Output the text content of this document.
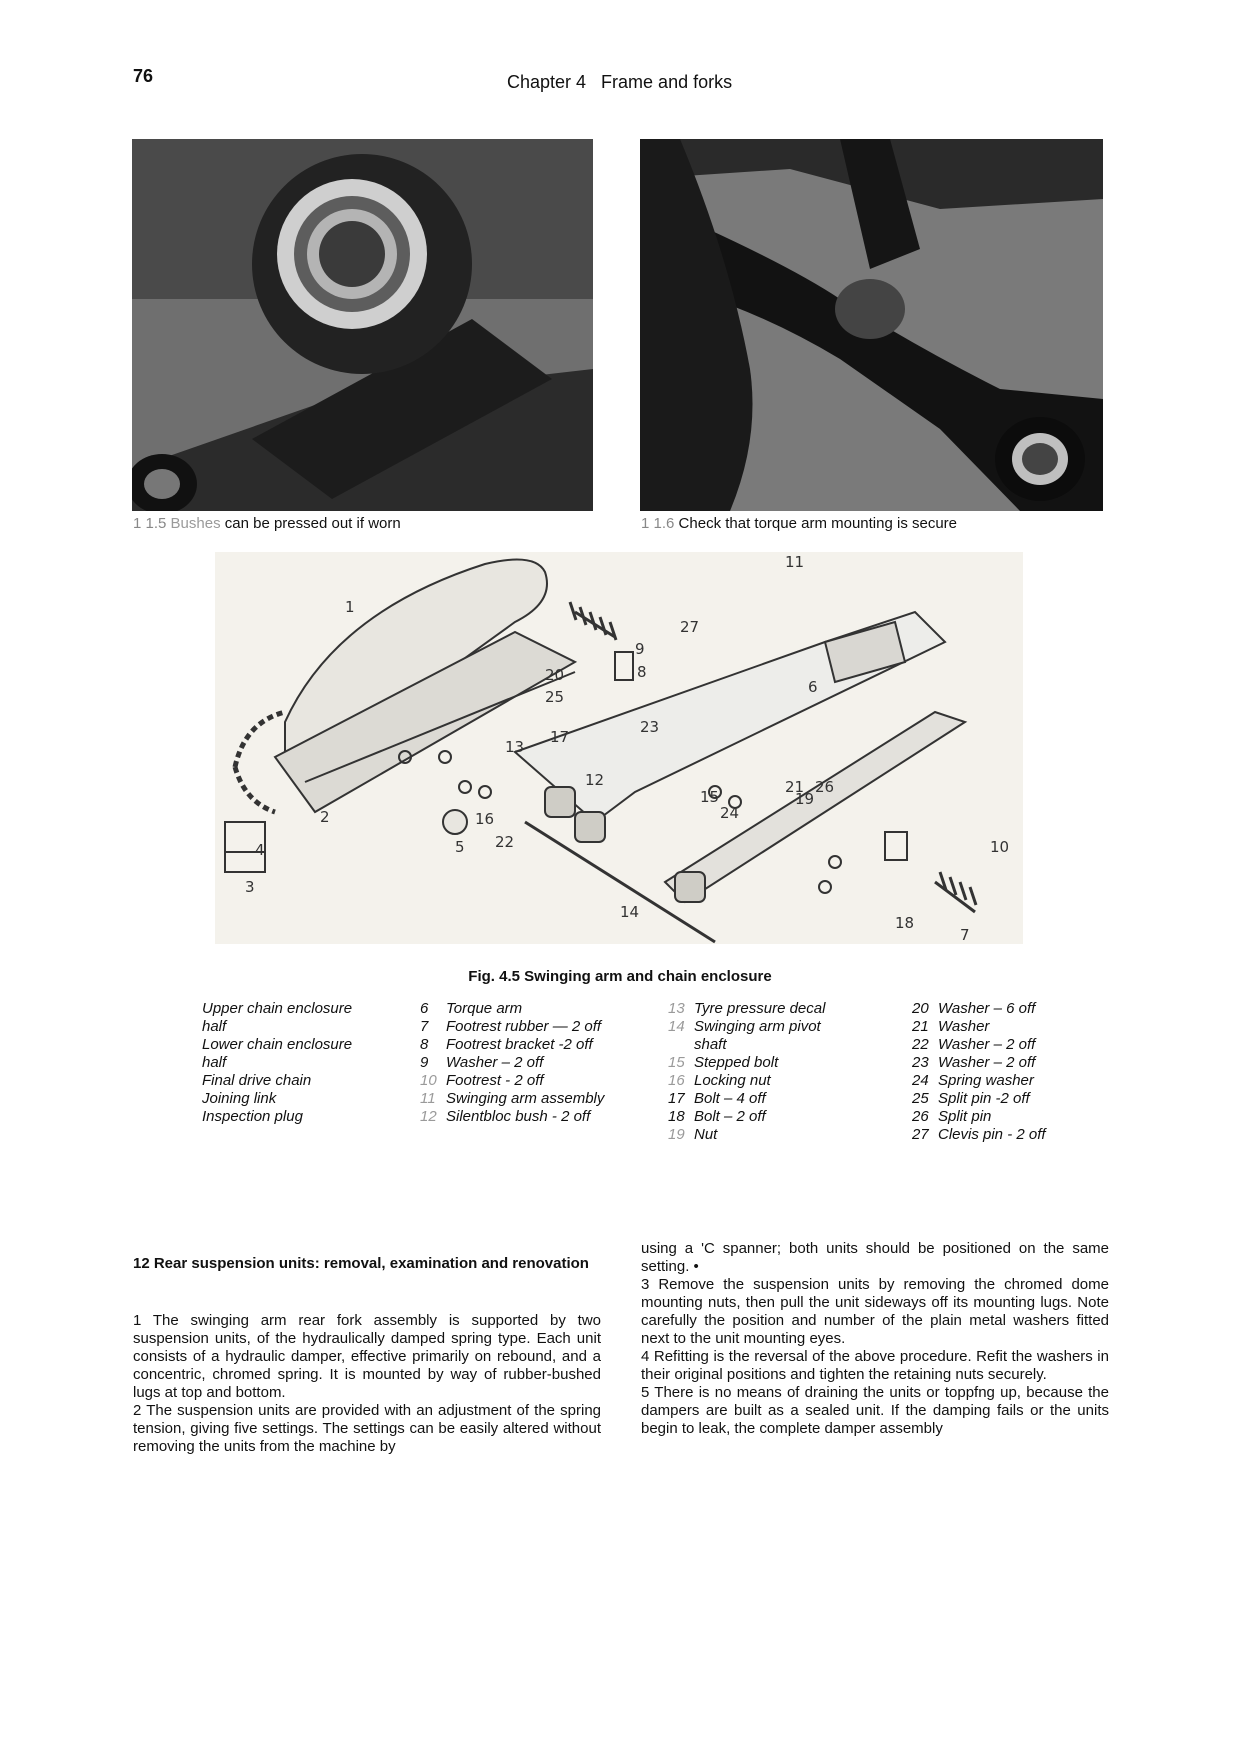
76	Chapter 4   Frame and forks
1 1.5 Bushes can be pressed out if worn	1 1.6 Check that torque arm mounting is secure
1
2
3
4	5
6
7
8
9
10
11
12
13
14
15
16
17
18
19
20
21
22
23
24
25
26
27
Fig. 4.5 Swinging arm and chain enclosure
Upper chain enclosure
half
Lower chain enclosure
half
Final drive chain
Joining link
Inspection plug
6 Torque arm
7 Footrest rubber — 2 off
8 Footrest bracket -2 off
9 Washer – 2 off
10 Footrest - 2 off
11 Swinging arm assembly
12 Silentbloc bush - 2 off
13 Tyre pressure decal
14 Swinging arm pivot
shaft
15 Stepped bolt
16 Locking nut
17 Bolt – 4 off
18 Bolt – 2 off
19 Nut
20 Washer – 6 off
21 Washer
22 Washer – 2 off
23 Washer – 2 off
24 Spring washer
25 Split pin -2 off
26 Split pin
27 Clevis pin - 2 off
12 Rear suspension units: removal, examination and renovation

1 The swinging arm rear fork assembly is supported by two suspension units, of the hydraulically damped spring type. Each unit consists of a hydraulic damper, effective primarily on rebound, and a concentric, chromed spring. It is mounted by way of rubber-bushed lugs at top and bottom.

2 The suspension units are provided with an adjustment of the spring tension, giving five settings. The settings can be easily altered without removing the units from the machine by

using a 'C spanner; both units should be positioned on the same setting. •

3 Remove the suspension units by removing the chromed dome mounting nuts, then pull the unit sideways off its mounting lugs. Note carefully the position and number of the plain metal washers fitted next to the unit mounting eyes.

4 Refitting is the reversal of the above procedure. Refit the washers in their original positions and tighten the retaining nuts securely.

5 There is no means of draining the units or toppfng up, because the dampers are built as a sealed unit. If the damping fails or the units begin to leak, the complete damper assembly
